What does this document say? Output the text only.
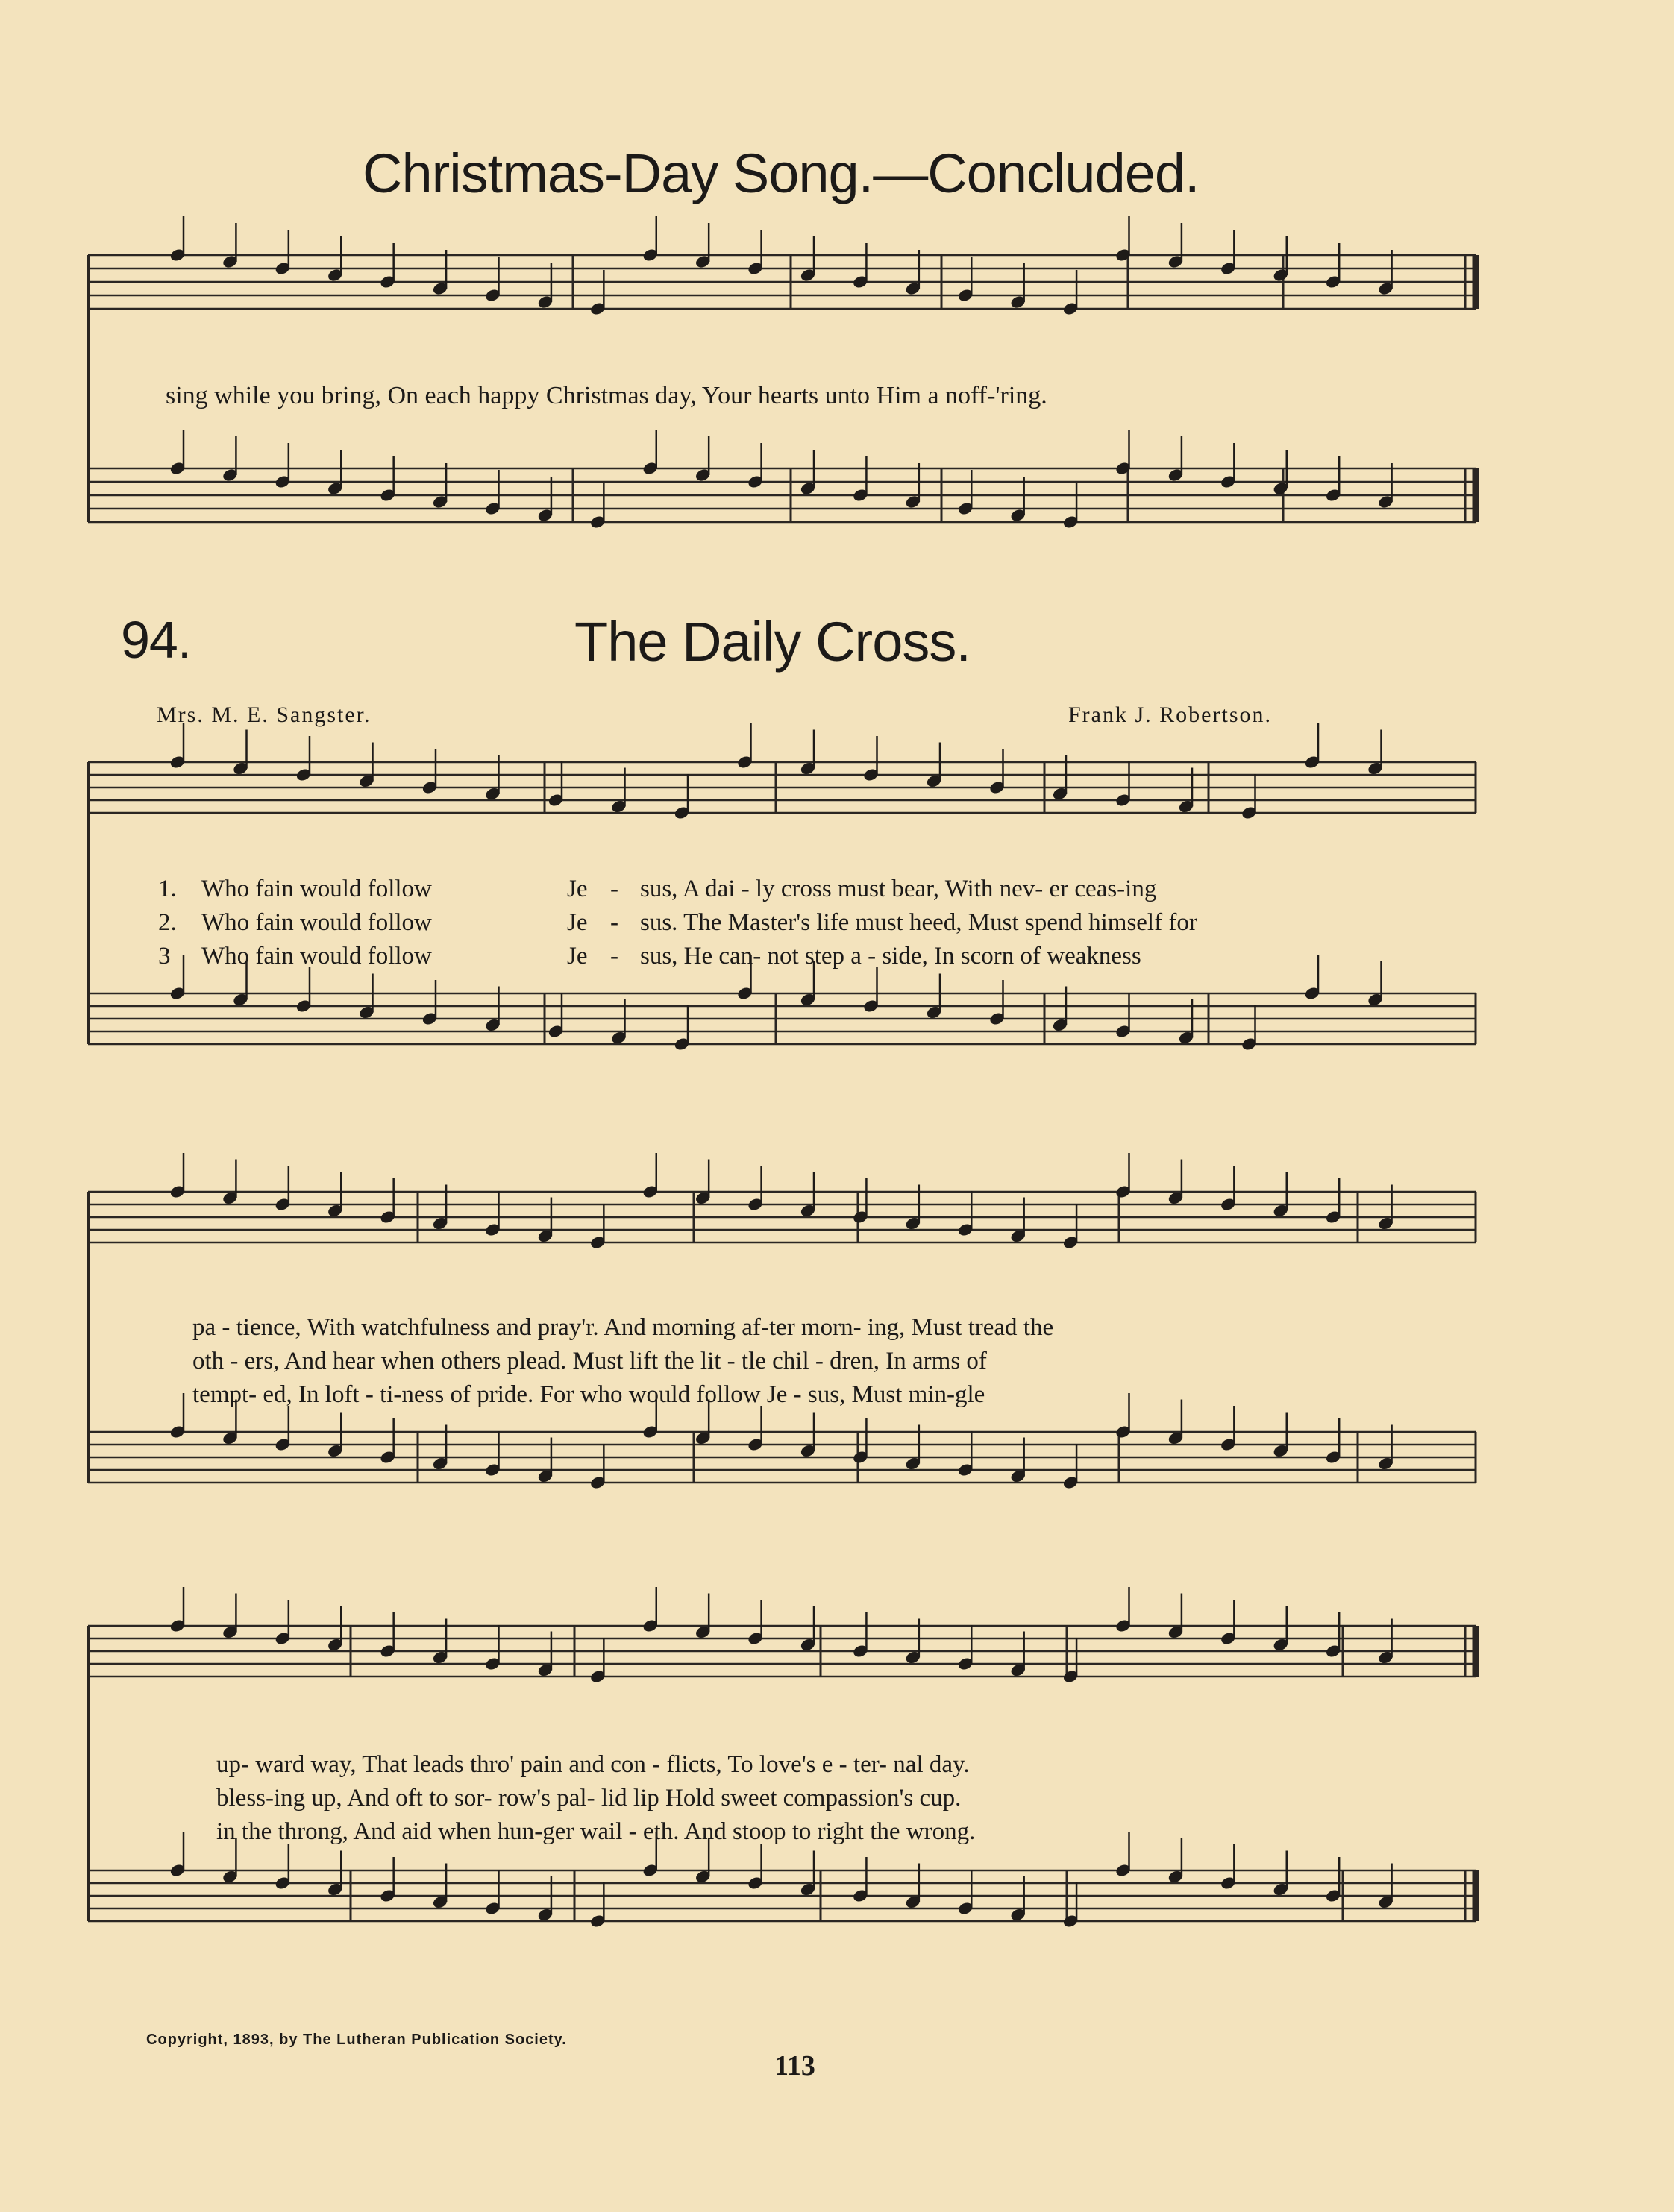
Christmas-Day Song.—Concluded.
sing while you bring, On each happy Christmas day, Your hearts unto Him a noff-'ring.
94.	The Daily Cross.
Mrs. M. E. Sangster.	Frank J. Robertson.
1. Who fain would follow	Je - sus, A dai - ly cross must bear, With nev- er ceas-ing
2. Who fain would follow	Je - sus. The Master's life must heed, Must spend himself for
3 Who fain would follow	Je - sus, He can- not step a - side, In scorn of weakness
pa - tience, With watchfulness and pray'r. And morning af-ter morn- ing, Must tread the
oth - ers, And hear when others plead. Must lift the lit - tle chil - dren, In arms of
tempt- ed, In loft - ti-ness of pride. For who would follow Je - sus, Must min-gle
up- ward way, That leads thro' pain and con - flicts, To love's e - ter- nal day.
bless-ing up, And oft to sor- row's pal- lid lip Hold sweet compassion's cup.
in the throng, And aid when hun-ger wail - eth. And stoop to right the wrong.
Copyright, 1893, by The Lutheran Publication Society.
113
